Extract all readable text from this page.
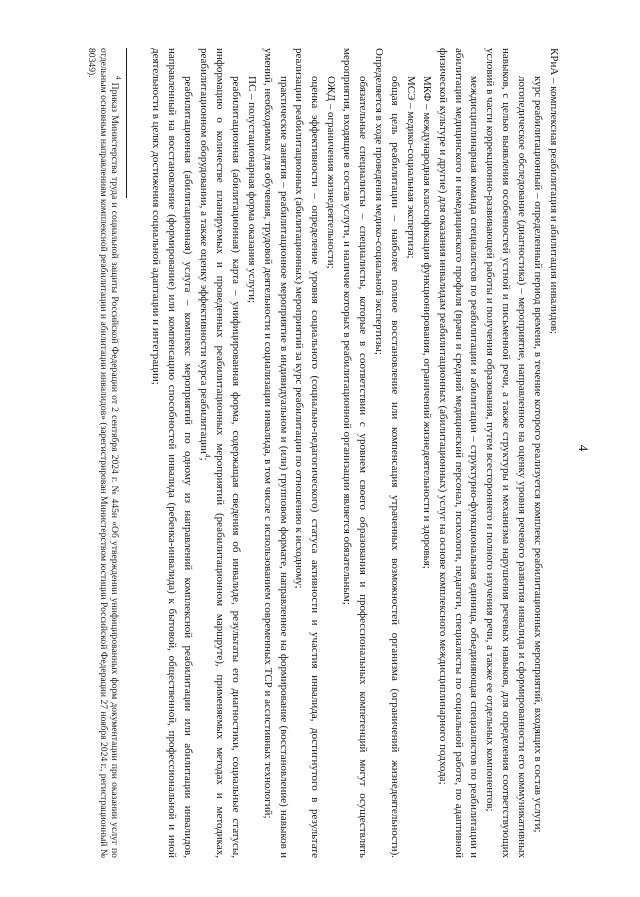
4

КРиА – комплексная реабилитация и абилитация инвалидов;

курс реабилитационный – определенный период времени, в течение которого реализуется комплекс реабилитационных мероприятий, входящих в состав услуги;

логопедическое обследование (диагностика) – мероприятие, направленное на оценку уровня речевого развития инвалида и сформированности его коммуникативных навыков, с целью выявления особенностей устной и письменной речи, а также структуры и механизма нарушения речевых навыков, для определения соответствующих условий в части коррекционно-развивающей работы и получения образования, путем всестороннего и полного изучения речи, а также ее отдельных компонентов;

междисциплинарная команда специалистов по реабилитации и абилитации – структурно-функциональная единица, объединяющая специалистов по реабилитации и абилитации медицинского и немедицинского профиля (врачи и средний медицинский персонал, психологи, педагоги, специалисты по социальной работе, по адаптивной физической культуре и другие) для оказания инвалидам реабилитационных (абилитационных) услуг на основе комплексного междисциплинарного подхода;

МКФ – международная классификация функционирования, ограничений жизнедеятельности и здоровья;

МСЭ – медико-социальная экспертиза;

общая цель реабилитации – наиболее полное восстановление или компенсация утраченных возможностей организма (ограничений жизнедеятельности). Определяется в ходе проведения медико-социальной экспертизы;

обязательные специалисты – специалисты, которые в соответствии с уровнем своего образования и профессиональных компетенций могут осуществлять мероприятия, входящие в состав услуги, и наличие которых в реабилитационной организации является обязательным;

ОЖД – ограничения жизнедеятельности;

оценка эффективности – определение уровня социального (социально-педагогического) статуса активности и участия инвалида, достигнутого в результате реализации реабилитационных (абилитационных) мероприятий за курс реабилитации по отношению к исходному;

практические занятия – реабилитационное мероприятие в индивидуальном и (или) групповом формате, направленное на формирование (восстановление) навыков и умений, необходимых для обучения, трудовой деятельности и социализации инвалида, в том числе с использованием современных ТСР и ассистивных технологий;

ПС – полустационарная форма оказания услуги;

реабилитационная (абилитационная) карта – унифицированная форма, содержащая сведения об инвалиде, результаты его диагностики, социальные статусы, информацию о количестве планируемых и проведенных реабилитационных мероприятий (реабилитационном маршруте), применяемых методах и методиках, реабилитационном оборудовании, а также оценку эффективности курса реабилитации$^4$;

реабилитационная (абилитационная) услуга – комплекс мероприятий по одному из направлений комплексной реабилитации или абилитации инвалидов, направленный на восстановление (формирование) или компенсацию способностей инвалида (ребенка-инвалида) к бытовой, общественной, профессиональной и иной деятельности в целях достижения социальной адаптации и интеграции;

$^4$ Приказ Министерства труда и социальной защиты Российской Федерации от 2 сентября 2024 г. № 445н «Об утверждении унифицированных форм документации при оказании услуг по отдельным основным направлениям комплексной реабилитации и абилитации инвалидов» (зарегистрирован Министерством юстиции Российской Федерации 27 ноября 2024 г., регистрационный № 80349).
